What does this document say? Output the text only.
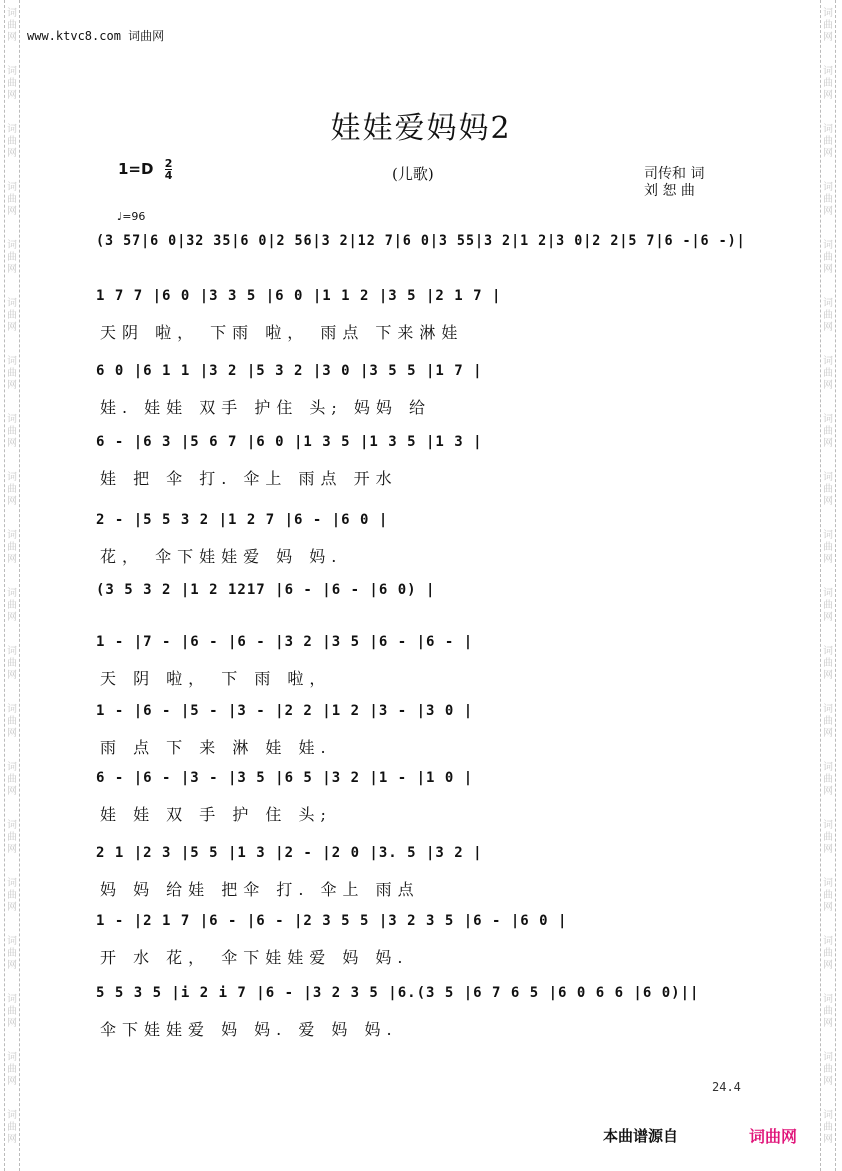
词
曲
网
词
曲
网
词
曲
网
词
曲
网
词
曲
网
词
曲
网
词
曲
网
词
曲
网
词
曲
网
词
曲
网
词
曲
网
词
曲
网
词
曲
网
词
曲
网
词
曲
网
词
曲
网
词
曲
网
词
曲
网
词
曲
网
词
曲
网
词
曲
网
词
曲
网
词
曲
网
词
曲
网
词
曲
网
词
曲
网
词
曲
网
词
曲
网
词
曲
网
词
曲
网
词
曲
网
词
曲
网
词
曲
网
词
曲
网
词
曲
网
词
曲
网
词
曲
网
词
曲
网
词
曲
网
词
曲
网
www.ktvc8.com 词曲网
娃娃爱妈妈2
$1=D \frac{2}{4}$	(儿歌)	司传和 词
刘 恕 曲
♩=96
(3 57|6 0|32 35|6 0|2 56|3 2|12 7|6 0|3 55|3 2|1 2|3 0|2 2|5 7|6 -|6 -)|
1 7 7 |6 0 |3 3 5 |6 0 |1 1 2 |3 5 |2 1 7 |
天阴 啦， 下雨 啦， 雨点 下来淋娃
6 0 |6 1 1 |3 2 |5 3 2 |3 0 |3 5 5 |1 7 |
娃. 娃娃 双手 护住 头; 妈妈 给
6 - |6 3 |5 6 7 |6 0 |1 3 5 |1 3 5 |1 3 |
娃 把 伞 打. 伞上 雨点 开水
2 - |5 5 3 2 |1 2 7 |6 - |6 0 |
花， 伞下娃娃爱 妈 妈.
(3 5 3 2 |1 2 1217 |6 - |6 - |6 0) |
1 - |7 - |6 - |6 - |3 2 |3 5 |6 - |6 - |
天 阴 啦， 下 雨 啦，
1 - |6 - |5 - |3 - |2 2 |1 2 |3 - |3 0 |
雨 点 下 来 淋 娃 娃.
6 - |6 - |3 - |3 5 |6 5 |3 2 |1 - |1 0 |
娃 娃 双 手 护 住 头;
2 1 |2 3 |5 5 |1 3 |2 - |2 0 |3. 5 |3 2 |
妈 妈 给娃 把伞 打. 伞上 雨点
1 - |2 1 7 |6 - |6 - |2 3 5 5 |3 2 3 5 |6 - |6 0 |
开 水 花， 伞下娃娃爱 妈 妈.
5 5 3 5 |i 2 i 7 |6 - |3 2 3 5 |6.(3 5 |6 7 6 5 |6 0 6 6 |6 0)||
伞下娃娃爱 妈 妈. 爱 妈 妈.
24.4
本曲谱源自	词曲网
